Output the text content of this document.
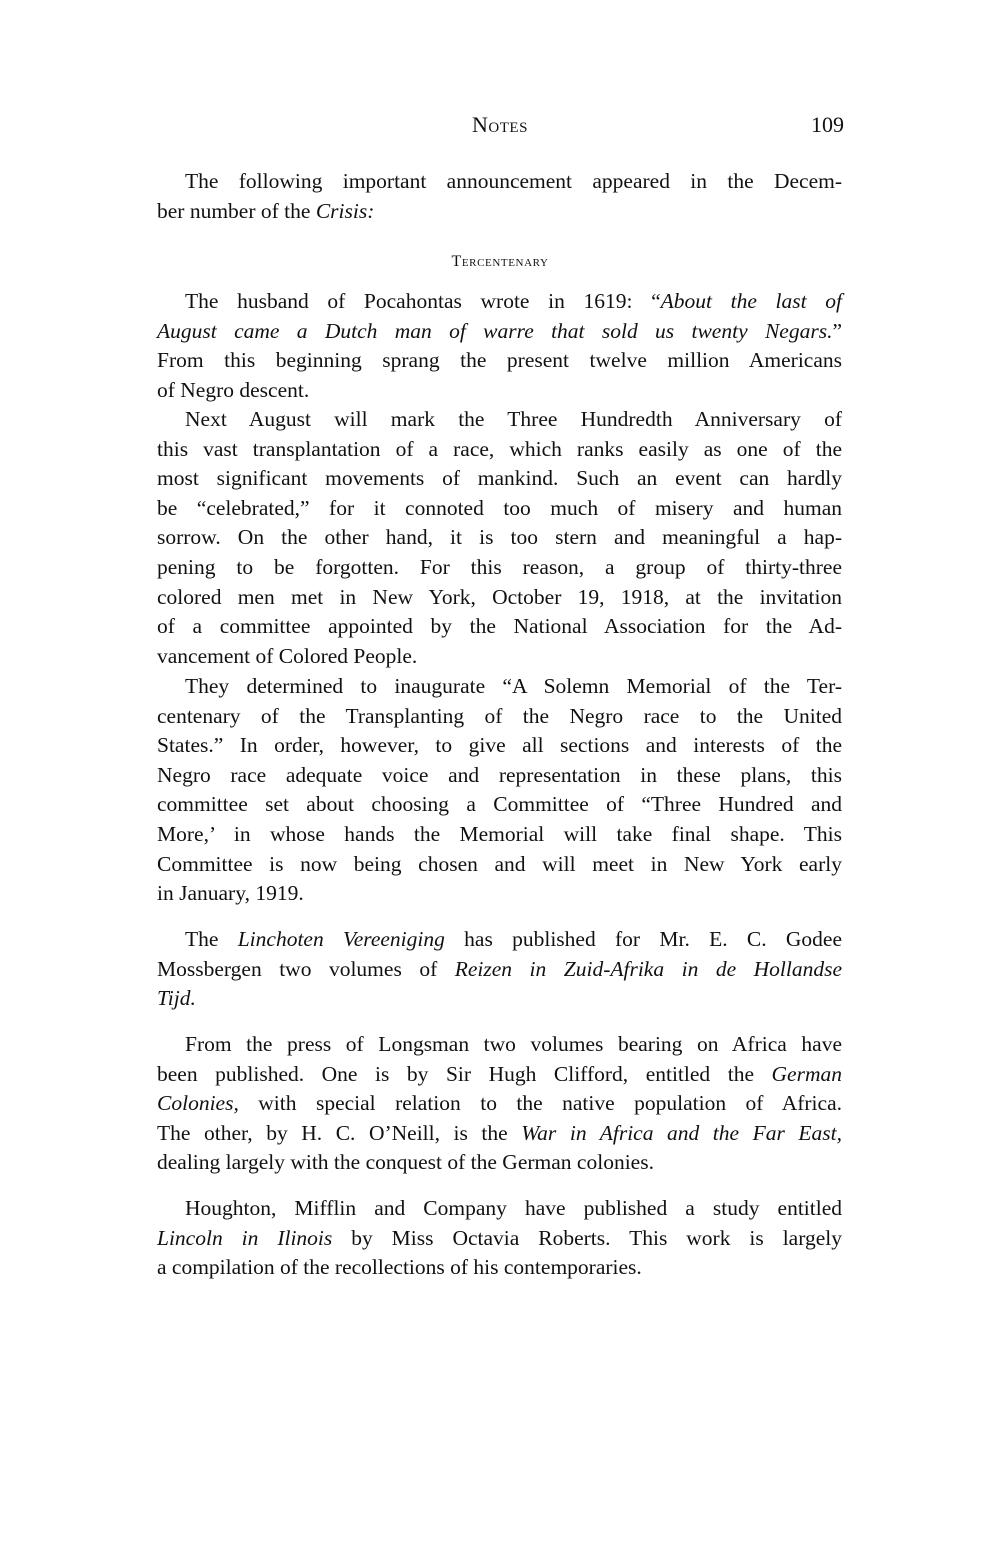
Notes	109
Tercentenary
The following important announcement appeared in the Decem-
ber number of the Crisis:
The husband of Pocahontas wrote in 1619: “About the last of
August came a Dutch man of warre that sold us twenty Negars.”
From this beginning sprang the present twelve million Americans
of Negro descent.
Next August will mark the Three Hundredth Anniversary of
this vast transplantation of a race, which ranks easily as one of the
most significant movements of mankind. Such an event can hardly
be “celebrated,” for it connoted too much of misery and human
sorrow. On the other hand, it is too stern and meaningful a hap-
pening to be forgotten. For this reason, a group of thirty-three
colored men met in New York, October 19, 1918, at the invitation
of a committee appointed by the National Association for the Ad-
vancement of Colored People.
They determined to inaugurate “A Solemn Memorial of the Ter-
centenary of the Transplanting of the Negro race to the United
States.” In order, however, to give all sections and interests of the
Negro race adequate voice and representation in these plans, this
committee set about choosing a Committee of “Three Hundred and
More,’ in whose hands the Memorial will take final shape. This
Committee is now being chosen and will meet in New York early
in January, 1919.
The Linchoten Vereeniging has published for Mr. E. C. Godee
Mossbergen two volumes of Reizen in Zuid-Afrika in de Hollandse
Tijd.
From the press of Longsman two volumes bearing on Africa have
been published. One is by Sir Hugh Clifford, entitled the German
Colonies, with special relation to the native population of Africa.
The other, by H. C. O’Neill, is the War in Africa and the Far East,
dealing largely with the conquest of the German colonies.
Houghton, Mifflin and Company have published a study entitled
Lincoln in Ilinois by Miss Octavia Roberts. This work is largely
a compilation of the recollections of his contemporaries.
